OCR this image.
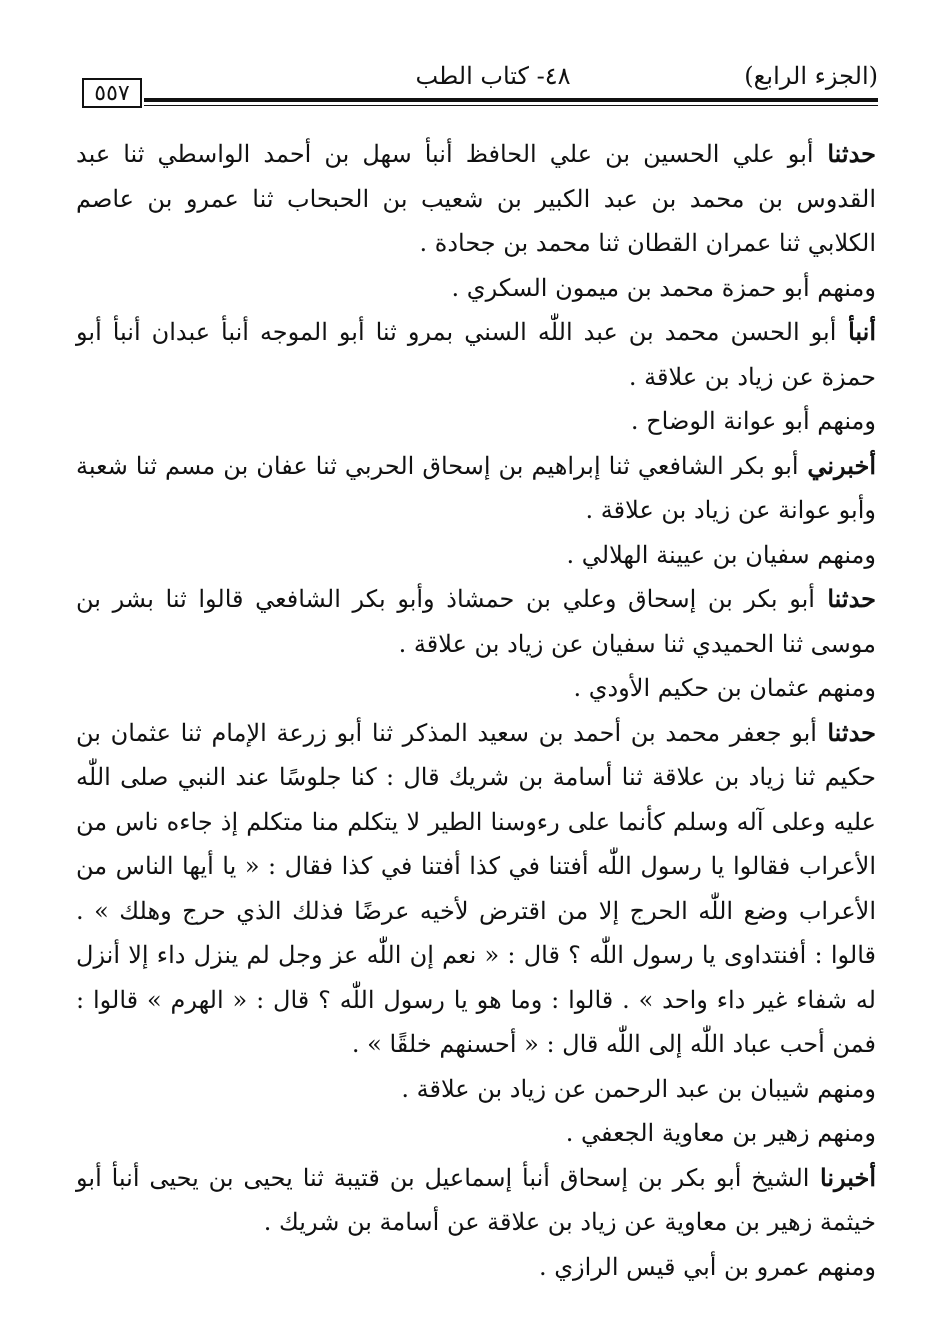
(الجزء الرابع)
٤٨- كتاب الطب
٥٥٧

حدثناأبو علي الحسين بن علي الحافظ أنبأ سهل بن أحمد الواسطي ثنا عبد القدوس بن محمد بن عبد الكبير بن شعيب بن الحبحاب ثنا عمرو بن عاصم الكلابي ثنا عمران القطان ثنا محمد بن جحادة .

ومنهم أبو حمزة محمد بن ميمون السكري .

أنبأأبو الحسن محمد بن عبد اللّٰه السني بمرو ثنا أبو الموجه أنبأ عبدان أنبأ أبو حمزة عن زياد بن علاقة .

ومنهم أبو عوانة الوضاح .

أخبرنيأبو بكر الشافعي ثنا إبراهيم بن إسحاق الحربي ثنا عفان بن مسم ثنا شعبة وأبو عوانة عن زياد بن علاقة .

ومنهم سفيان بن عيينة الهلالي .

حدثناأبو بكر بن إسحاق وعلي بن حمشاذ وأبو بكر الشافعي قالوا ثنا بشر بن موسى ثنا الحميدي ثنا سفيان عن زياد بن علاقة .

ومنهم عثمان بن حكيم الأودي .

حدثناأبو جعفر محمد بن أحمد بن سعيد المذكر ثنا أبو زرعة الإمام ثنا عثمان بن حكيم ثنا زياد بن علاقة ثنا أسامة بن شريك قال : كنا جلوسًا عند النبي صلى اللّٰه عليه وعلى آله وسلم كأنما على رءوسنا الطير لا يتكلم منا متكلم إذ جاءه ناس من الأعراب فقالوا يا رسول اللّٰه أفتنا في كذا أفتنا في كذا فقال : « يا أيها الناس من الأعراب وضع اللّٰه الحرج إلا من اقترض لأخيه عرضًا فذلك الذي حرج وهلك » . قالوا : أفنتداوى يا رسول اللّٰه ؟ قال : « نعم إن اللّٰه عز وجل لم ينزل داء إلا أنزل له شفاء غير داء واحد » . قالوا : وما هو يا رسول اللّٰه ؟ قال : « الهرم » قالوا : فمن أحب عباد اللّٰه إلى اللّٰه قال : « أحسنهم خلقًا » .

ومنهم شيبان بن عبد الرحمن عن زياد بن علاقة .

ومنهم زهير بن معاوية الجعفي .

أخبرناالشيخ أبو بكر بن إسحاق أنبأ إسماعيل بن قتيبة ثنا يحيى بن يحيى أنبأ أبو خيثمة زهير بن معاوية عن زياد بن علاقة عن أسامة بن شريك .

ومنهم عمرو بن أبي قيس الرازي .
